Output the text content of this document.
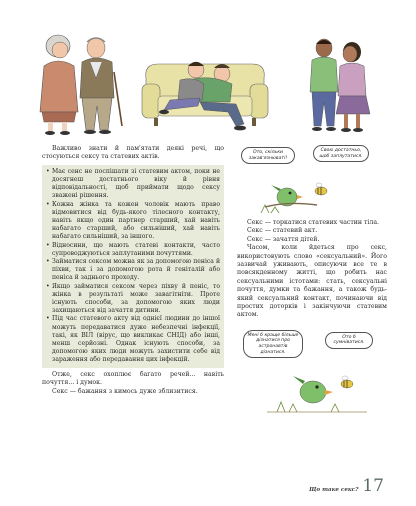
Важливо знати й пам'ятати деякі речі, що стосуються сексу та статевих актів.

• Має сенс не поспішати зі статевим актом, поки не досягнеш достатнього віку й рівня відповідальності, щоб приймати щодо сексу зважені рішення.
• Кожна жінка та кожен чоловік мають право відмовитися від будь-якого тілесного контакту, навіть якщо один партнер старший, хай навіть набагато старший, або сильніший, хай навіть набагато сильніший, за іншого.
• Відносини, що мають статеві контакти, часто супроводжуються заплутаними почуттями.
• Займатися сексом можна як за допомогою пеніса й піхви, так і за допомогою рота й геніталій або пеніса й заднього проходу.
• Якщо займатися сексом через піхву й пеніс, то жінка в результаті може завагітніти. Проте існують способи, за допомогою яких люди захищаються від зачаття дитини.
• Під час статевого акту від однієї людини до іншої можуть передаватися дуже небезпечні інфекції, такі, як ВІЛ (вірус, що викликає СНІД) або інші, менш серйозні. Однак існують способи, за допомогою яких люди можуть захистити себе від зараження або передавання цих інфекцій.

Отже, секс охоплює багато речей... навіть почуття... і думок.

Секс — бажання з кимось дуже зблизитися.

Ото, скільки закавʼязнюваті!
Свою достатньо, щоб заплутатися.

Секс — торкатися статевих частин тіла.

Секс — статевий акт.

Секс — зачаття дітей.

Часом, коли йдеться про секс, використовують слово «сексуальний». Його зазвичай уживають, описуючи все те в повсякденному житті, що робить нас сексуальними істотами: стать, сексуальні почуття, думки та бажання, а також будь-який сексуальний контакт, починаючи від простих доторків і закінчуючи статевим актом.

Мені б краще більше дізнатися про астронавтів дізнатися.
Ото б сумніватися.
Що таке секс? 17
